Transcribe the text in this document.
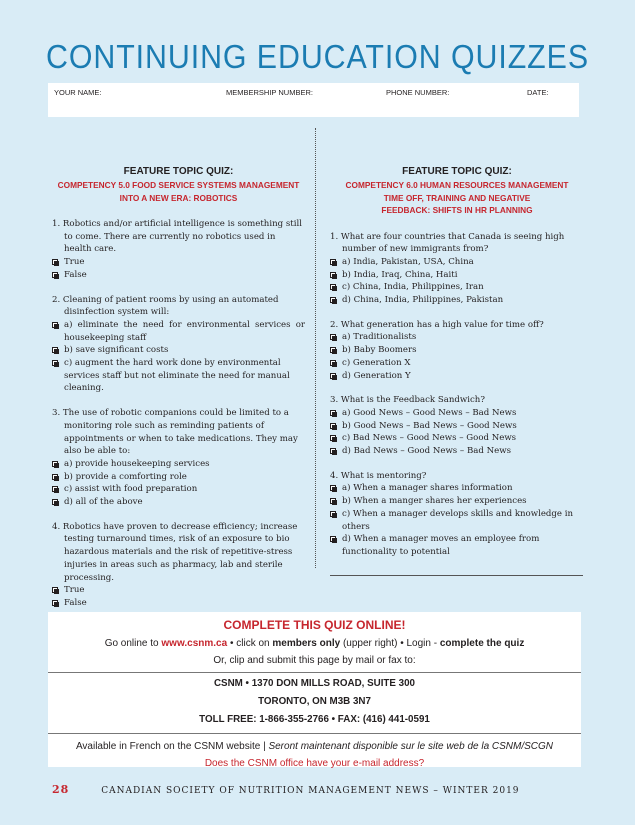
CONTINUING EDUCATION QUIZZES
YOUR NAME:	MEMBERSHIP NUMBER:	PHONE NUMBER:	DATE:
FEATURE TOPIC QUIZ:
COMPETENCY 5.0 FOOD SERVICE SYSTEMS MANAGEMENT
INTO A NEW ERA: ROBOTICS
1. Robotics and/or artificial intelligence is something still to come. There are currently no robotics used in health care.
True
False
2. Cleaning of patient rooms by using an automated disinfection system will:
a) eliminate the need for environmental services or housekeeping staff
b) save significant costs
c) augment the hard work done by environmental services staff but not eliminate the need for manual cleaning.
3. The use of robotic companions could be limited to a monitoring role such as reminding patients of appointments or when to take medications. They may also be able to:
a) provide housekeeping services
b) provide a comforting role
c) assist with food preparation
d) all of the above
4. Robotics have proven to decrease efficiency; increase testing turnaround times, risk of an exposure to bio hazardous materials and the risk of repetitive-stress injuries in areas such as pharmacy, lab and sterile processing.
True
False
FEATURE TOPIC QUIZ:
COMPETENCY 6.0 HUMAN RESOURCES MANAGEMENT
TIME OFF, TRAINING AND NEGATIVE FEEDBACK: SHIFTS IN HR PLANNING
1. What are four countries that Canada is seeing high number of new immigrants from?
a) India, Pakistan, USA, China
b) India, Iraq, China, Haiti
c) China, India, Philippines, Iran
d) China, India, Philippines, Pakistan
2. What generation has a high value for time off?
a) Traditionalists
b) Baby Boomers
c) Generation X
d) Generation Y
3. What is the Feedback Sandwich?
a) Good News – Good News – Bad News
b) Good News – Bad News – Good News
c) Bad News – Good News – Good News
d) Bad News – Good News – Bad News
4. What is mentoring?
a) When a manager shares information
b) When a manger shares her experiences
c) When a manager develops skills and knowledge in others
d) When a manager moves an employee from functionality to potential
COMPLETE THIS QUIZ ONLINE!
Go online to www.csnm.ca • click on members only (upper right) • Login - complete the quiz
Or, clip and submit this page by mail or fax to:
CSNM • 1370 DON MILLS ROAD, SUITE 300
TORONTO, ON M3B 3N7
TOLL FREE: 1-866-355-2766 • FAX: (416) 441-0591
Available in French on the CSNM website | Seront maintenant disponible sur le site web de la CSNM/SCGN
Does the CSNM office have your e-mail address?
28	CANADIAN SOCIETY OF NUTRITION MANAGEMENT NEWS – WINTER 2019
